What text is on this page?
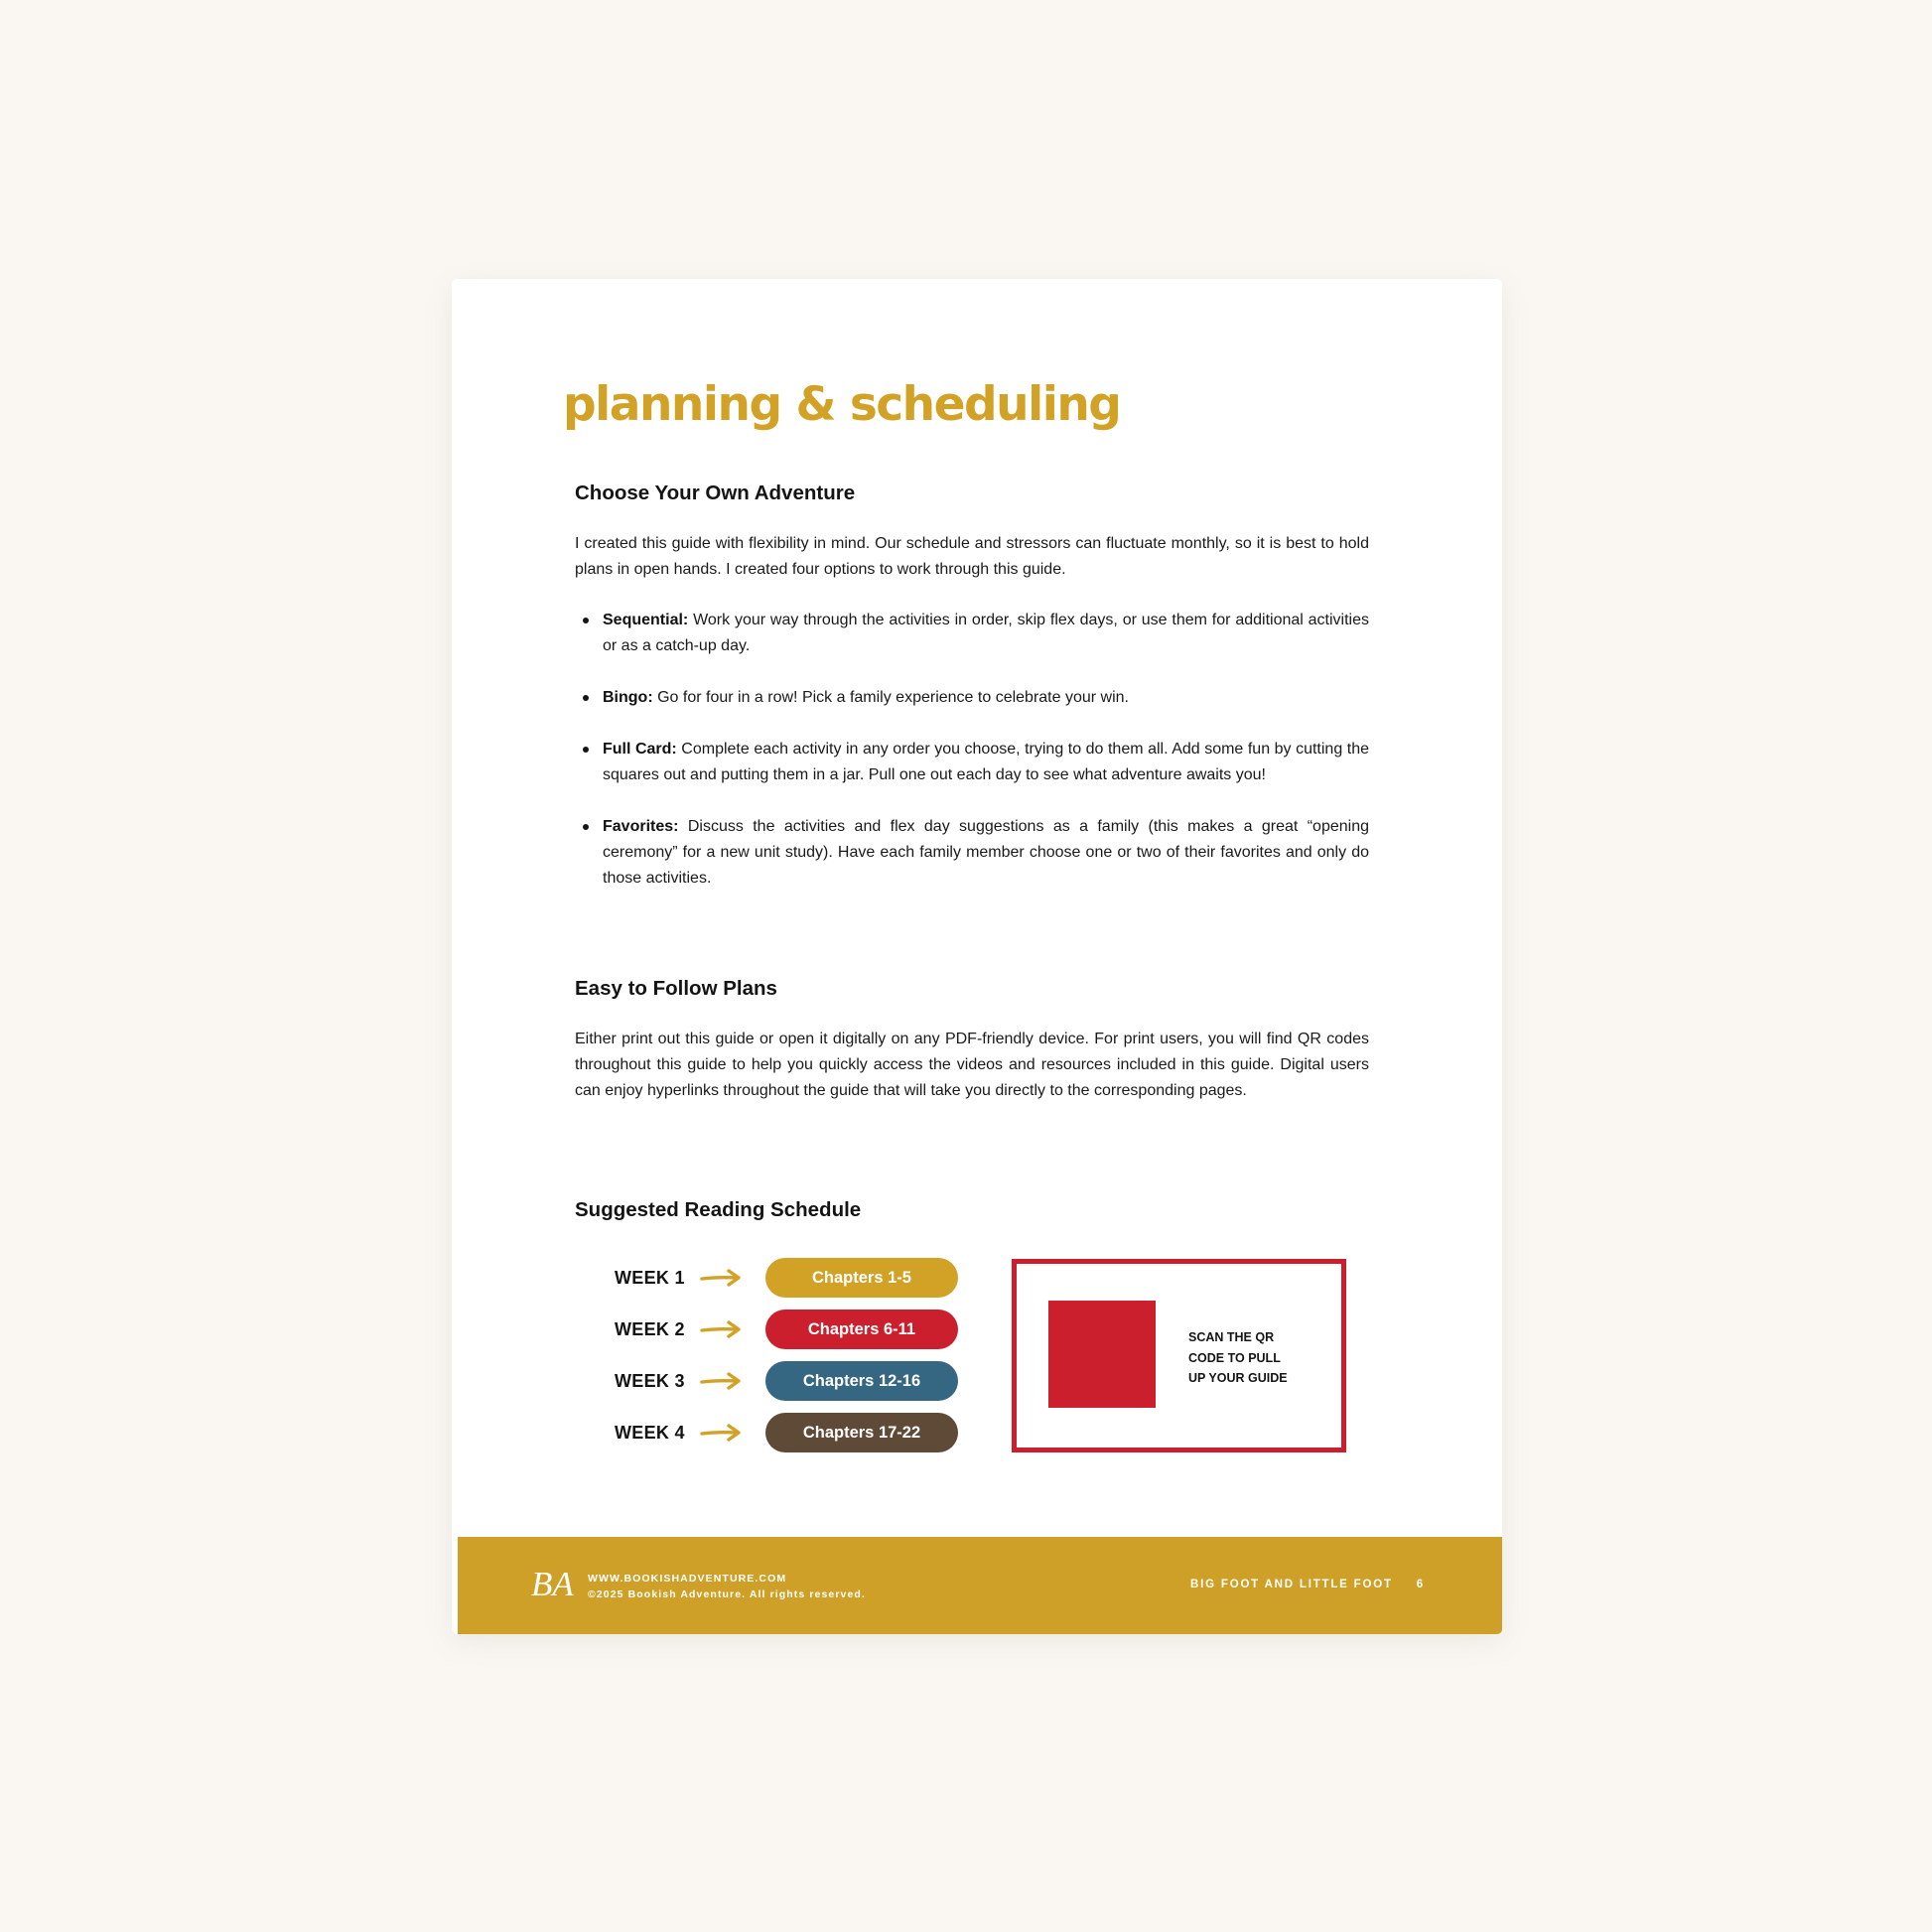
planning & scheduling
Choose Your Own Adventure

I created this guide with flexibility in mind. Our schedule and stressors can fluctuate monthly, so it is best to hold plans in open hands. I created four options to work through this guide.

Sequential: Work your way through the activities in order, skip flex days, or use them for additional activities or as a catch-up day.
Bingo: Go for four in a row! Pick a family experience to celebrate your win.
Full Card: Complete each activity in any order you choose, trying to do them all. Add some fun by cutting the squares out and putting them in a jar. Pull one out each day to see what adventure awaits you!
Favorites: Discuss the activities and flex day suggestions as a family (this makes a great “opening ceremony” for a new unit study). Have each family member choose one or two of their favorites and only do those activities.
Easy to Follow Plans

Either print out this guide or open it digitally on any PDF-friendly device. For print users, you will find QR codes throughout this guide to help you quickly access the videos and resources included in this guide. Digital users can enjoy hyperlinks throughout the guide that will take you directly to the corresponding pages.

Suggested Reading Schedule
WEEK 1	Chapters 1-5
WEEK 2	Chapters 6-11
WEEK 3	Chapters 12-16
WEEK 4	Chapters 17-22
SCAN THE QR
CODE TO PULL
UP YOUR GUIDE
BA WWW.BOOKISHADVENTURE.COM
©2025 Bookish Adventure. All rights reserved.
BIG FOOT AND LITTLE FOOT 6
